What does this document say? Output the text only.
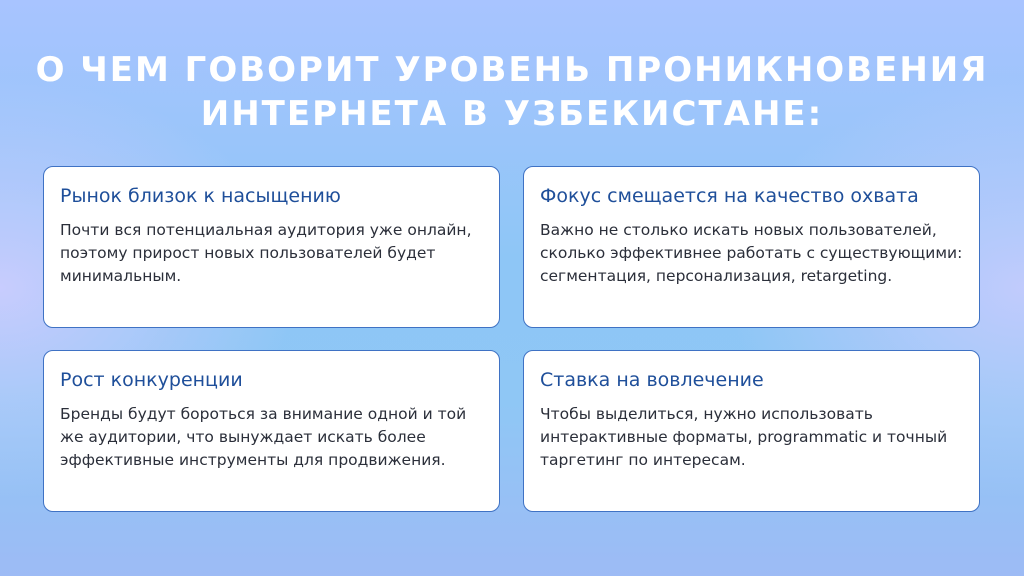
О ЧЕМ ГОВОРИТ УРОВЕНЬ ПРОНИКНОВЕНИЯ
ИНТЕРНЕТА В УЗБЕКИСТАНЕ:
Рынок близок к насыщению

Почти вся потенциальная аудитория уже онлайн, поэтому прирост новых пользователей будет минимальным.

Фокус смещается на качество охвата

Важно не столько искать новых пользователей, сколько эффективнее работать с существующими: сегментация, персонализация, retargeting.

Рост конкуренции

Бренды будут бороться за внимание одной и той же аудитории, что вынуждает искать более эффективные инструменты для продвижения.

Ставка на вовлечение

Чтобы выделиться, нужно использовать интерактивные форматы, programmatic и точный таргетинг по интересам.
